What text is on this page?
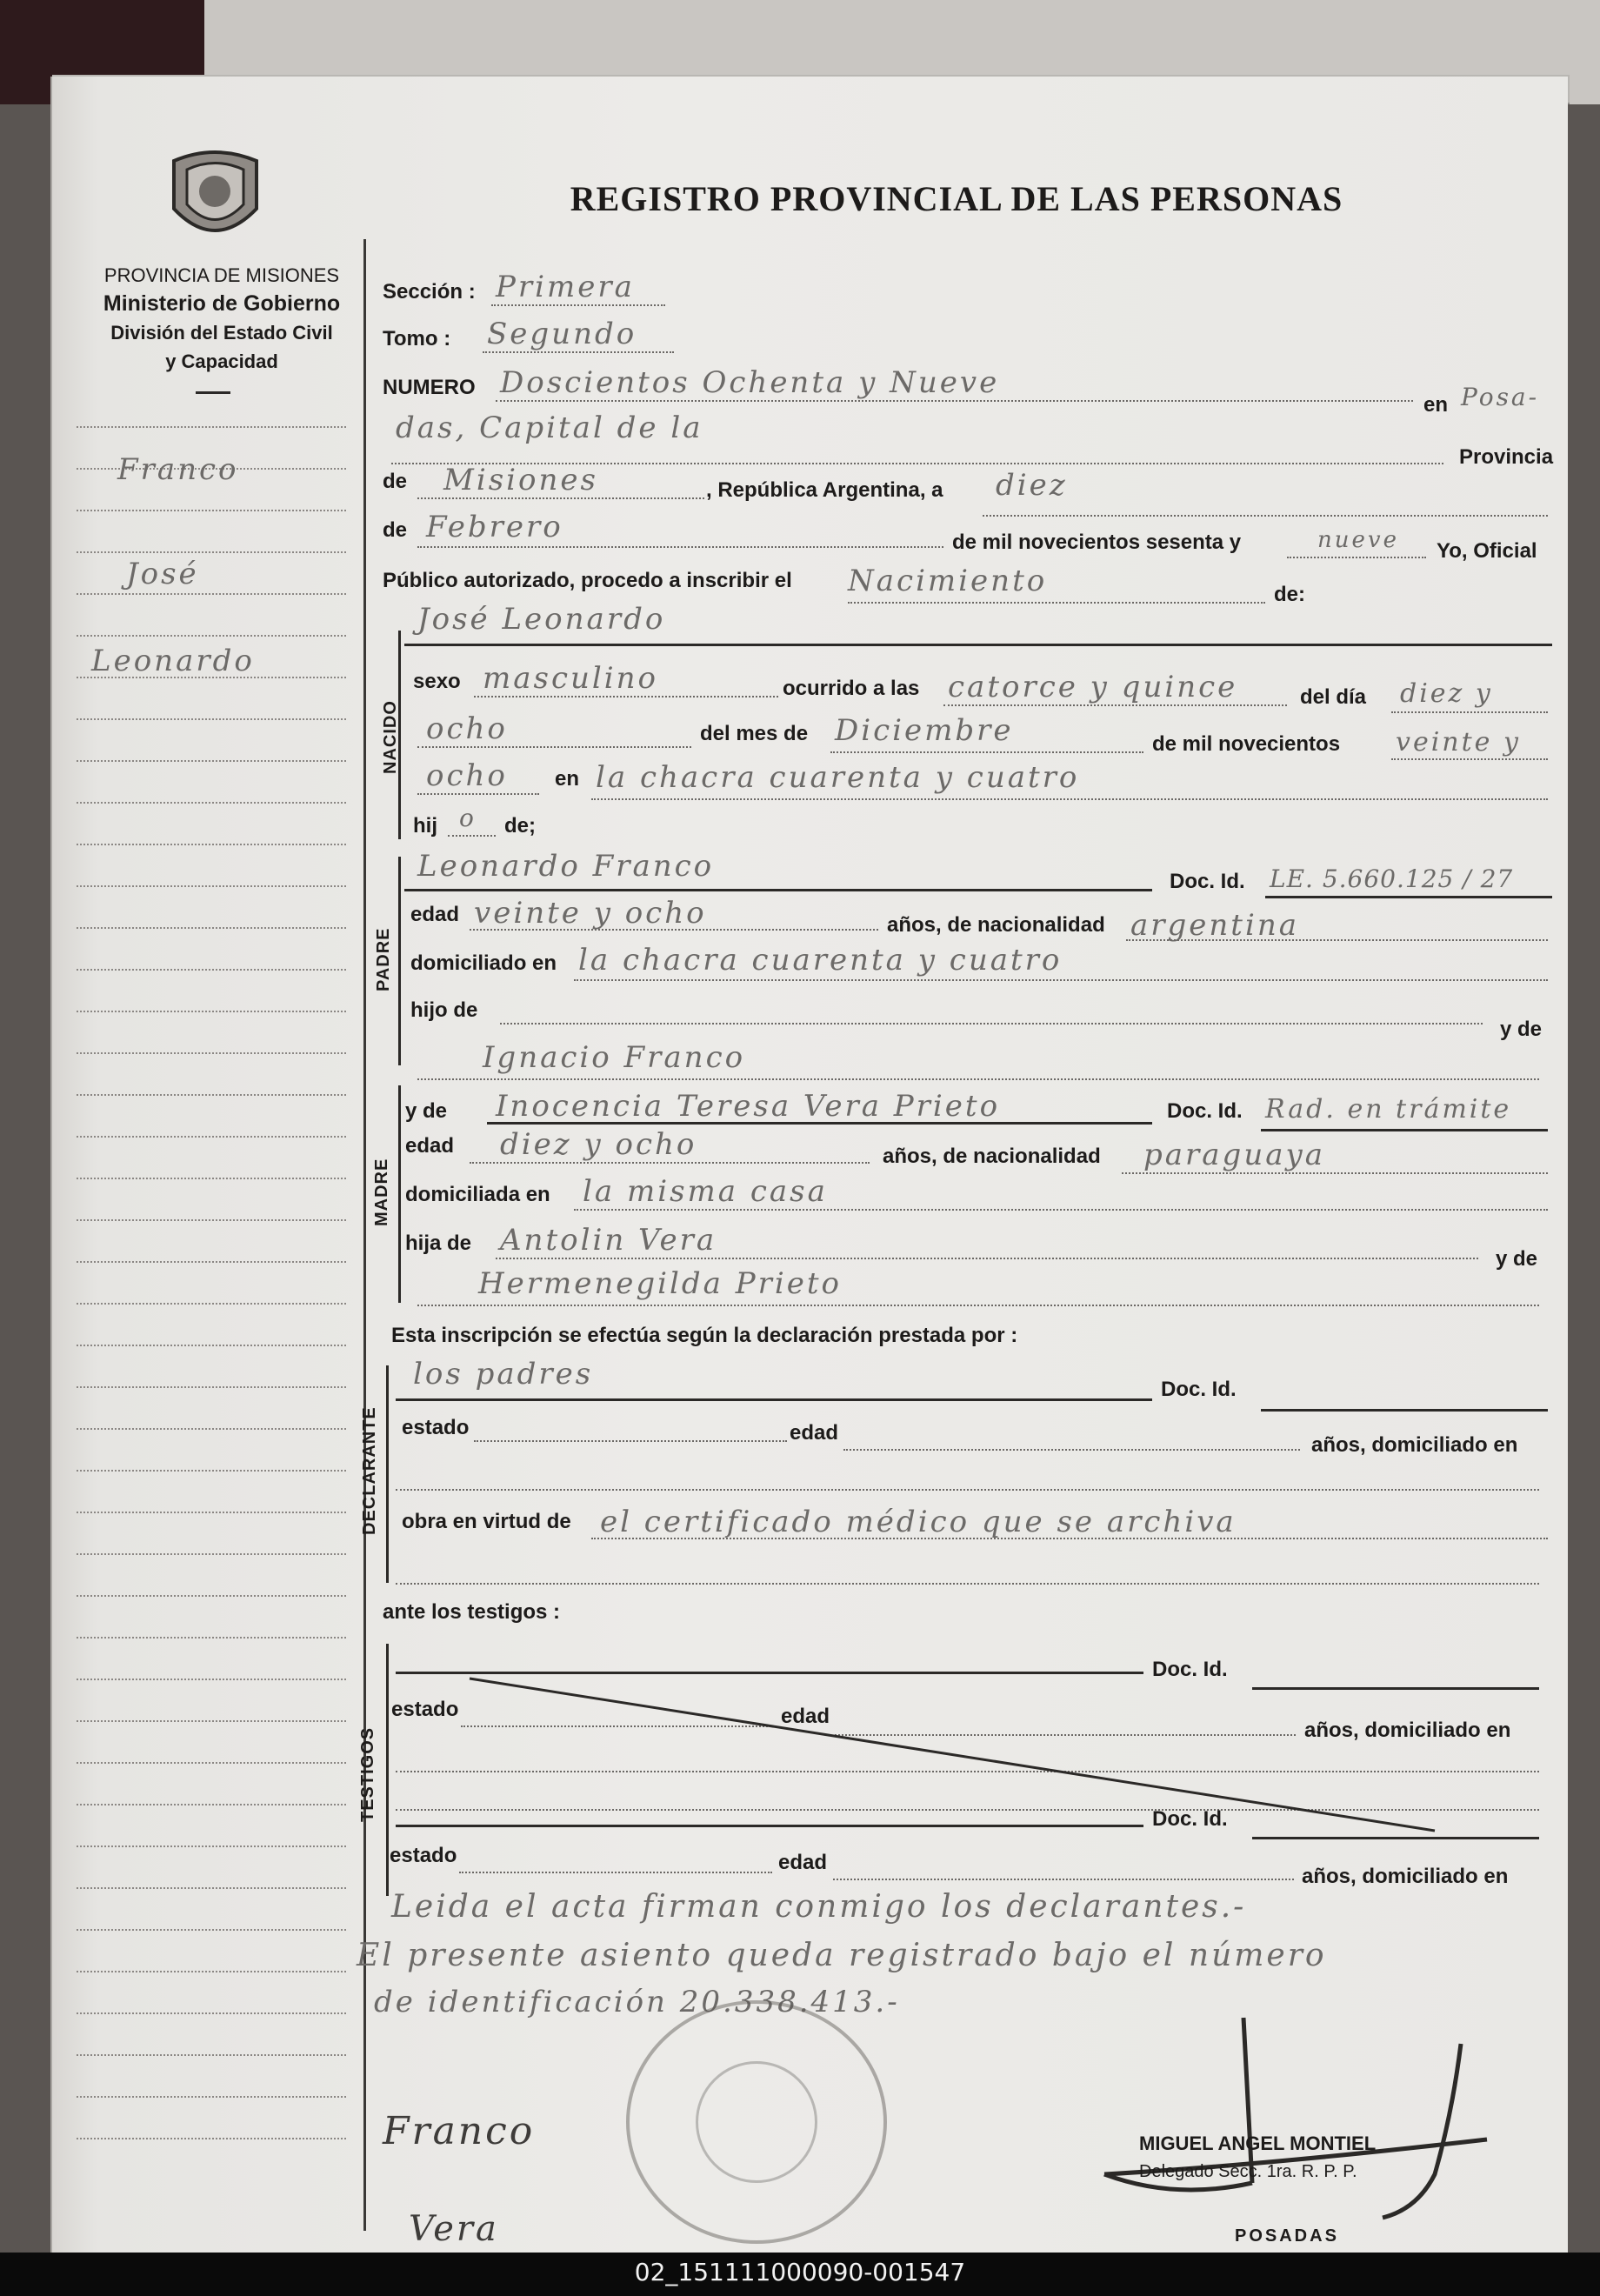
PROVINCIA DE MISIONES
Ministerio de Gobierno
División del Estado Civil
y Capacidad
REGISTRO PROVINCIAL DE LAS PERSONAS
Franco
José
Leonardo
Sección : Primera
Tomo : Segundo
NUMERO Doscientos Ochenta y Nueve
en Posa-
das, Capital de la
Provincia
de Misiones	, República Argentina, a diez
de Febrero	de mil novecientos sesenta y	nueve Yo, Oficial
Público autorizado, procedo a inscribir el Nacimiento	de:
NACIDO
José Leonardo
sexo masculino	ocurrido a las catorce y quince	del día diez y
ocho	del mes de Diciembre	de mil novecientos veinte y
ocho en la chacra cuarenta y cuatro
hij o de;
PADRE
Leonardo Franco	Doc. Id. LE. 5.660.125 / 27
edad veinte y ocho	años, de nacionalidad argentina
domiciliado en la chacra cuarenta y cuatro
hijo de
y de
Ignacio Franco
MADRE
y de Inocencia Teresa Vera Prieto	Doc. Id. Rad. en trámite
edad diez y ocho	años, de nacionalidad paraguaya
domiciliada en la misma casa
hija de Antolin Vera
y de
Hermenegilda Prieto
Esta inscripción se efectúa según la declaración prestada por :
DECLARANTE
los padres	Doc. Id.
estado	edad
años, domiciliado en
obra en virtud de el certificado médico que se archiva
ante los testigos :
TESTIGOS
Doc. Id.
estado	edad
años, domiciliado en
Doc. Id.
estado	edad
años, domiciliado en
Leida el acta firman conmigo los declarantes.-
El presente asiento queda registrado bajo el número
de identificación 20.338.413.-
Franco
Vera
MIGUEL ANGEL MONTIEL
Delegado Secc. 1ra. R. P. P.
POSADAS
02_151111000090-001547
